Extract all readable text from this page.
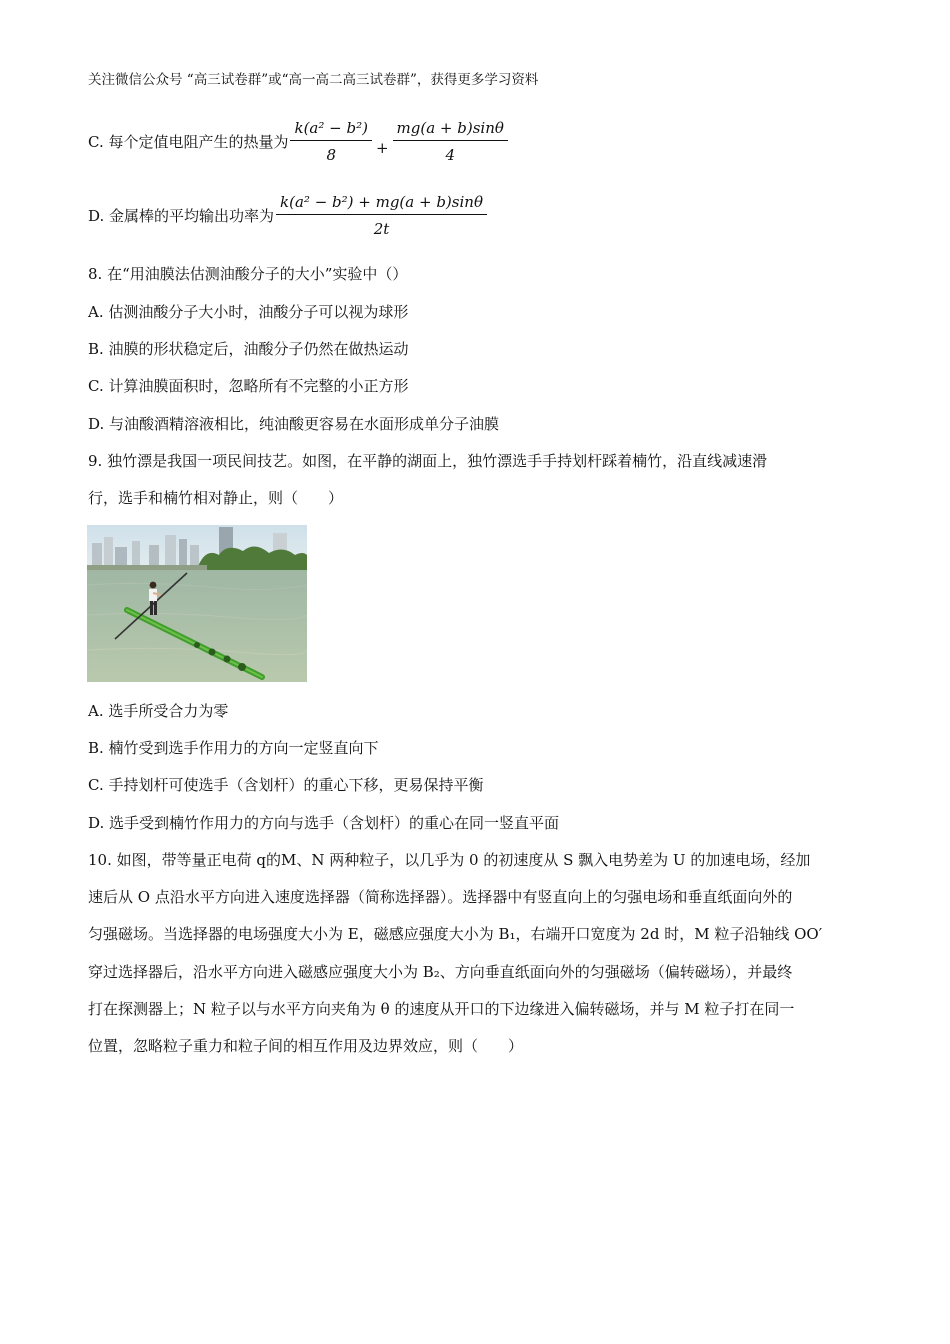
关注微信公众号 “高三试卷群”或“高一高二高三试卷群”，获得更多学习资料
C. 每个定值电阻产生的热量为 $\frac{\text{k(a² − b²)}}{8} + \frac{mg(a + b)\sin\theta}{4}$
D. 金属棒的平均输出功率为 $\frac{\text{k(a² − b²) + mg(a + b)sinθ}}{2t}$
8. 在“用油膜法估测油酸分子的大小”实验中（）
A. 估测油酸分子大小时，油酸分子可以视为球形
B. 油膜的形状稳定后，油酸分子仍然在做热运动
C. 计算油膜面积时，忽略所有不完整的小正方形
D. 与油酸酒精溶液相比，纯油酸更容易在水面形成单分子油膜
9. 独竹漂是我国一项民间技艺。如图，在平静的湖面上，独竹漂选手手持划杆踩着楠竹，沿直线减速滑
行，选手和楠竹相对静止，则（　　）
A. 选手所受合力为零
B. 楠竹受到选手作用力的方向一定竖直向下
C. 手持划杆可使选手（含划杆）的重心下移，更易保持平衡
D. 选手受到楠竹作用力的方向与选手（含划杆）的重心在同一竖直平面
10. 如图，带等量正电荷 q的M、N 两种粒子，以几乎为 0 的初速度从 S 飘入电势差为 U 的加速电场，经加
速后从 O 点沿水平方向进入速度选择器（简称选择器）。选择器中有竖直向上的匀强电场和垂直纸面向外的
匀强磁场。当选择器的电场强度大小为 E，磁感应强度大小为 B₁，右端开口宽度为 2d 时，M 粒子沿轴线 OO′
穿过选择器后，沿水平方向进入磁感应强度大小为 B₂、方向垂直纸面向外的匀强磁场（偏转磁场），并最终
打在探测器上；N 粒子以与水平方向夹角为 θ 的速度从开口的下边缘进入偏转磁场，并与 M 粒子打在同一
位置，忽略粒子重力和粒子间的相互作用及边界效应，则（　　）
